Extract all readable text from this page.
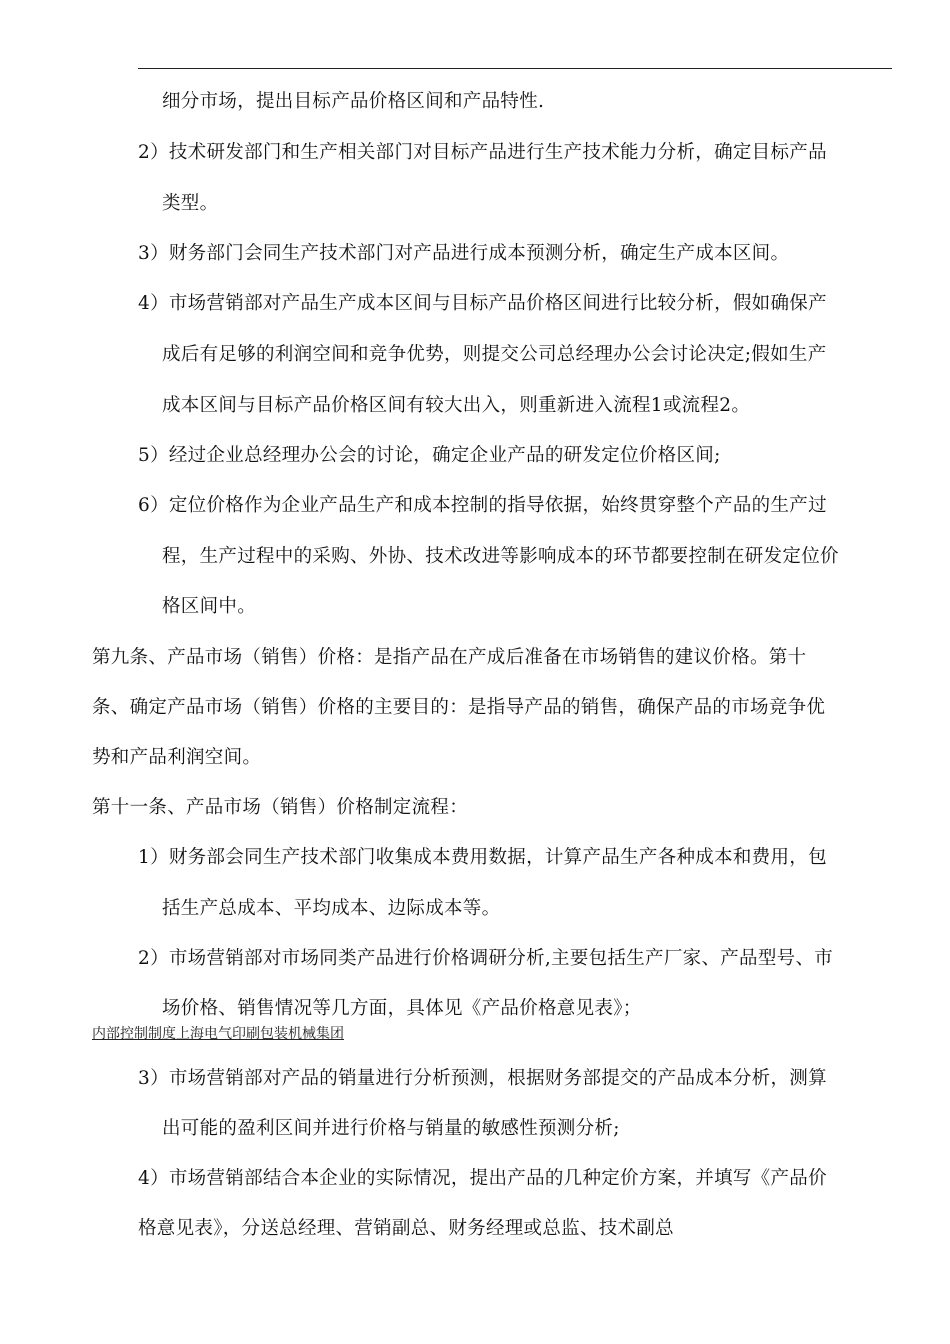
细分市场，提出目标产品价格区间和产品特性.
2）技术研发部门和生产相关部门对目标产品进行生产技术能力分析，确定目标产品
类型。
3）财务部门会同生产技术部门对产品进行成本预测分析，确定生产成本区间。
4）市场营销部对产品生产成本区间与目标产品价格区间进行比较分析，假如确保产
成后有足够的利润空间和竞争优势，则提交公司总经理办公会讨论决定;假如生产
成本区间与目标产品价格区间有较大出入，则重新进入流程1或流程2。
5）经过企业总经理办公会的讨论，确定企业产品的研发定位价格区间;
6）定位价格作为企业产品生产和成本控制的指导依据，始终贯穿整个产品的生产过
程，生产过程中的采购、外协、技术改进等影响成本的环节都要控制在研发定位价
格区间中。
第九条、产品市场（销售）价格：是指产品在产成后准备在市场销售的建议价格。第十
条、确定产品市场（销售）价格的主要目的：是指导产品的销售，确保产品的市场竞争优
势和产品利润空间。
第十一条、产品市场（销售）价格制定流程：
1）财务部会同生产技术部门收集成本费用数据，计算产品生产各种成本和费用，包
括生产总成本、平均成本、边际成本等。
2）市场营销部对市场同类产品进行价格调研分析,主要包括生产厂家、产品型号、市
场价格、销售情况等几方面，具体见《产品价格意见表》；
3）市场营销部对产品的销量进行分析预测，根据财务部提交的产品成本分析，测算
出可能的盈利区间并进行价格与销量的敏感性预测分析;
4）市场营销部结合本企业的实际情况，提出产品的几种定价方案，并填写《产品价
格意见表》，分送总经理、营销副总、财务经理或总监、技术副总
内部控制制度上海电气印刷包装机械集团
